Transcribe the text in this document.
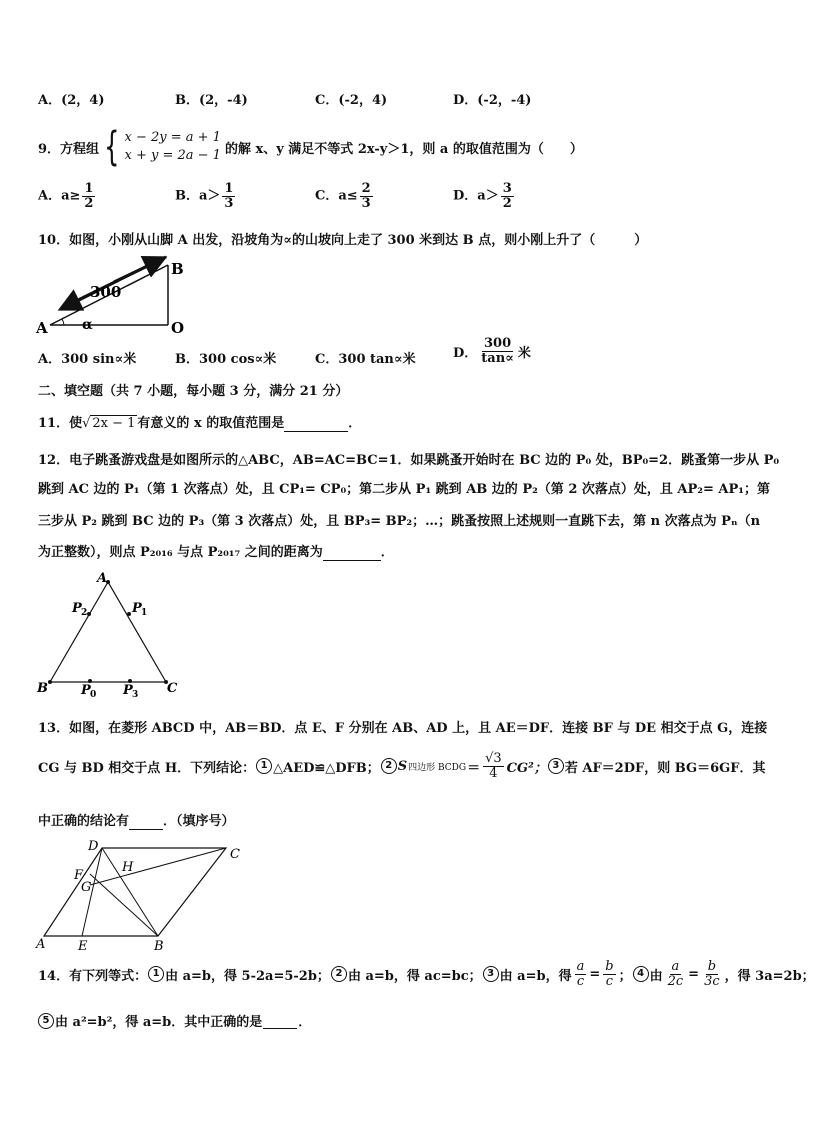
A．(2，4)	B．(2，-4)	C．(-2，4)	D．(-2，-4)
9．方程组 { x − 2y = a + 1
x + y = 2a − 1 的解 x、y 满足不等式 2x-y＞1，则 a 的取值范围为（　　）
A．$a\ge \frac{1}{2}$	B．$a> \frac{1}{3}$	C．$a\le \frac{2}{3}$	D．$a> \frac{3}{2}$
10．如图，小刚从山脚 A 出发，沿坡角为∝的山坡向上走了 300 米到达 B 点，则小刚上升了（　　　）
A
B
O
300
α
A．300 sin∝米	B．300 cos∝米	C．300 tan∝米	D． $\frac{300}{\tan\propto}$ 米
二、填空题（共 7 小题，每小题 3 分，满分 21 分）
11．使√ 2x − 1 有意义的 x 的取值范围是	．
12．电子跳蚤游戏盘是如图所示的△ABC，AB=AC=BC=1．如果跳蚤开始时在 BC 边的 P₀ 处，BP₀=2．跳蚤第一步从 P₀
跳到 AC 边的 P₁（第 1 次落点）处，且 CP₁= CP₀；第二步从 P₁ 跳到 AB 边的 P₂（第 2 次落点）处，且 AP₂= AP₁；第
三步从 P₂ 跳到 BC 边的 P₃（第 3 次落点）处，且 BP₃= BP₂；…；跳蚤按照上述规则一直跳下去，第 n 次落点为 Pₙ（n
为正整数），则点 P₂₀₁₆ 与点 P₂₀₁₇ 之间的距离为	．
A
B	C
P 1
P 2
P 0 P 3
13．如图，在菱形 ABCD 中，AB＝BD．点 E、F 分别在 AB、AD 上，且 AE＝DF．连接 BF 与 DE 相交于点 G，连接
CG 与 BD 相交于点 H．下列结论： 1 △AED≌△DFB； 2 S 四边形 BCDG ＝ $\frac{√3}{4} CG^2$； 3 若 AF＝2DF，则 BG＝6GF．其
中正确的结论有	．（填序号）
D
C
A	E	B
F
G
H
14．有下列等式： 1 由 a=b，得 5-2a=5-2b； 2 由 a=b，得 ac=bc； 3 由 a=b，得 $\frac{a}{c} = \frac{b}{c}$ ； 4 由 $\frac{a}{2c} = \frac{b}{3c}$ ，得 3a=2b；
5 由 a²=b²，得 a=b．其中正确的是
	．
